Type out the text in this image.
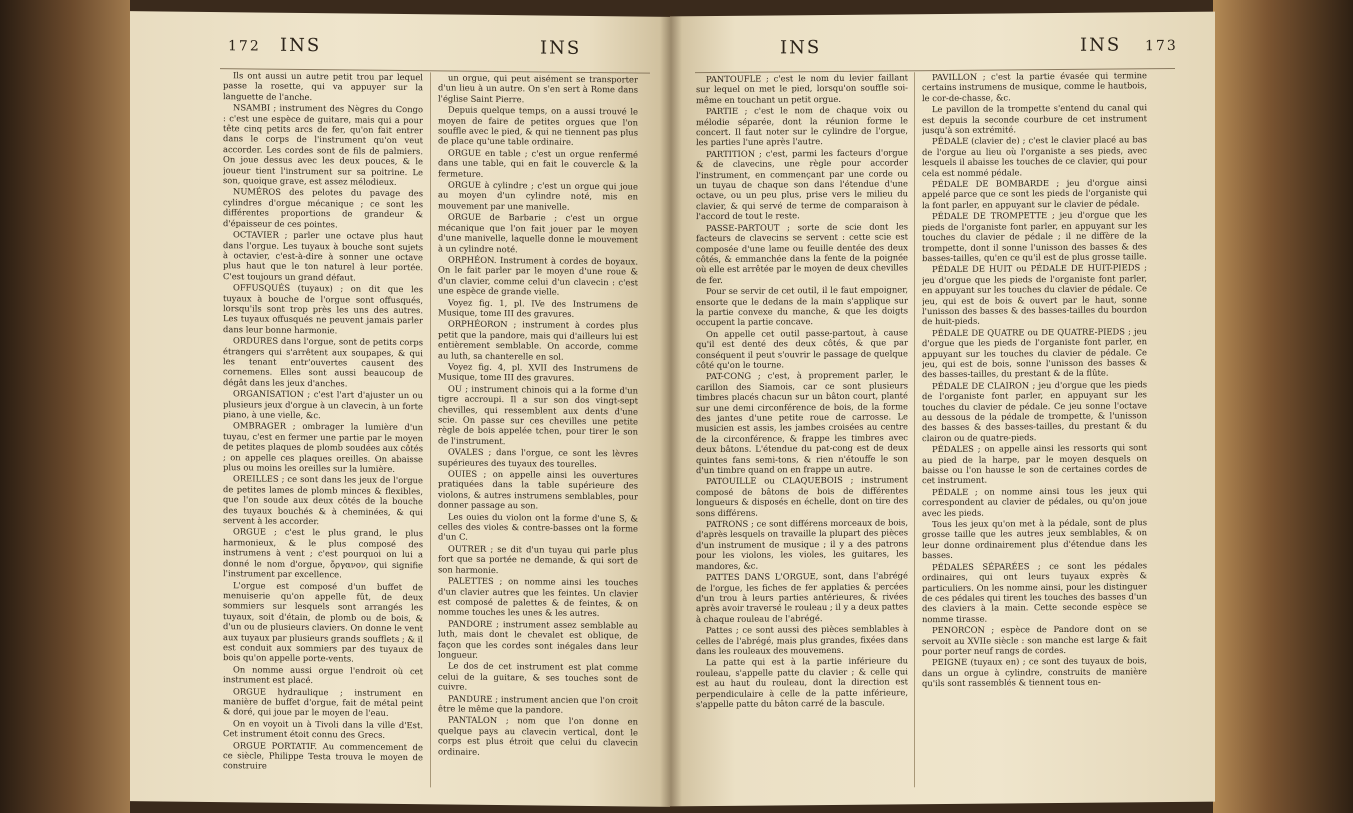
172 INS	INS

Ils ont aussi un autre petit trou par lequel passe la rosette, qui va appuyer sur la languette de l'anche.

NSAMBI ; instrument des Nègres du Congo : c'est une espèce de guitare, mais qui a pour tête cinq petits arcs de fer, qu'on fait entrer dans le corps de l'instrument qu'on veut accorder. Les cordes sont de fils de palmiers. On joue dessus avec les deux pouces, & le joueur tient l'instrument sur sa poitrine. Le son, quoique grave, est assez mélodieux.

NUMÉROS des pelotes du pavage des cylindres d'orgue mécanique ; ce sont les différentes proportions de grandeur & d'épaisseur de ces pointes.

OCTAVIER ; parler une octave plus haut dans l'orgue. Les tuyaux à bouche sont sujets à octavier, c'est-à-dire à sonner une octave plus haut que le ton naturel à leur portée. C'est toujours un grand défaut.

OFFUSQUÉS (tuyaux) ; on dit que les tuyaux à bouche de l'orgue sont offusqués, lorsqu'ils sont trop près les uns des autres. Les tuyaux offusqués ne peuvent jamais parler dans leur bonne harmonie.

ORDURES dans l'orgue, sont de petits corps étrangers qui s'arrêtent aux soupapes, & qui les tenant entr'ouvertes causent des cornemens. Elles sont aussi beaucoup de dégât dans les jeux d'anches.

ORGANISATION ; c'est l'art d'ajuster un ou plusieurs jeux d'orgue à un clavecin, à un forte piano, à une vielle, &c.

OMBRAGER ; ombrager la lumière d'un tuyau, c'est en fermer une partie par le moyen de petites plaques de plomb soudées aux côtés ; on appelle ces plaques oreilles. On abaisse plus ou moins les oreilles sur la lumière.

OREILLES ; ce sont dans les jeux de l'orgue de petites lames de plomb minces & flexibles, que l'on soude aux deux côtés de la bouche des tuyaux bouchés & à cheminées, & qui servent à les accorder.

ORGUE ; c'est le plus grand, le plus harmonieux, & le plus composé des instrumens à vent ; c'est pourquoi on lui a donné le nom d'orgue, ὄργανον, qui signifie l'instrument par excellence.

L'orgue est composé d'un buffet de menuiserie qu'on appelle fût, de deux sommiers sur lesquels sont arrangés les tuyaux, soit d'étain, de plomb ou de bois, & d'un ou de plusieurs claviers. On donne le vent aux tuyaux par plusieurs grands soufflets ; & il est conduit aux sommiers par des tuyaux de bois qu'on appelle porte-vents.

On nomme aussi orgue l'endroit où cet instrument est placé.

ORGUE hydraulique ; instrument en manière de buffet d'orgue, fait de métal peint & doré, qui joue par le moyen de l'eau.

On en voyoit un à Tivoli dans la ville d'Est. Cet instrument étoit connu des Grecs.

ORGUE PORTATIF. Au commencement de ce siècle, Philippe Testa trouva le moyen de construire

un orgue, qui peut aisément se transporter d'un lieu à un autre. On s'en sert à Rome dans l'église Saint Pierre.

Depuis quelque temps, on a aussi trouvé le moyen de faire de petites orgues que l'on souffle avec le pied, & qui ne tiennent pas plus de place qu'une table ordinaire.

ORGUE en table ; c'est un orgue renfermé dans une table, qui en fait le couvercle & la fermeture.

ORGUE à cylindre ; c'est un orgue qui joue au moyen d'un cylindre noté, mis en mouvement par une manivelle.

ORGUE de Barbarie ; c'est un orgue mécanique que l'on fait jouer par le moyen d'une manivelle, laquelle donne le mouvement à un cylindre noté.

ORPHÉON. Instrument à cordes de boyaux. On le fait parler par le moyen d'une roue & d'un clavier, comme celui d'un clavecin : c'est une espèce de grande vielle.

Voyez fig. 1, pl. IVe des Instrumens de Musique, tome III des gravures.

ORPHÉORON ; instrument à cordes plus petit que la pandore, mais qui d'ailleurs lui est entièrement semblable. On accorde, comme au luth, sa chanterelle en sol.

Voyez fig. 4, pl. XVII des Instrumens de Musique, tome III des gravures.

OU ; instrument chinois qui a la forme d'un tigre accroupi. Il a sur son dos vingt-sept chevilles, qui ressemblent aux dents d'une scie. On passe sur ces chevilles une petite règle de bois appelée tchen, pour tirer le son de l'instrument.

OVALES ; dans l'orgue, ce sont les lèvres supérieures des tuyaux des tourelles.

OUIES ; on appelle ainsi les ouvertures pratiquées dans la table supérieure des violons, & autres instrumens semblables, pour donner passage au son.

Les ouies du violon ont la forme d'une S, & celles des violes & contre-basses ont la forme d'un C.

OUTRER ; se dit d'un tuyau qui parle plus fort que sa portée ne demande, & qui sort de son harmonie.

PALETTES ; on nomme ainsi les touches d'un clavier autres que les feintes. Un clavier est composé de palettes & de feintes, & on nomme touches les unes & les autres.

PANDORE ; instrument assez semblable au luth, mais dont le chevalet est oblique, de façon que les cordes sont inégales dans leur longueur.

Le dos de cet instrument est plat comme celui de la guitare, & ses touches sont de cuivre.

PANDURE ; instrument ancien que l'on croit être le même que la pandore.

PANTALON ; nom que l'on donne en quelque pays au clavecin vertical, dont le corps est plus étroit que celui du clavecin ordinaire.

INS	INS 173

PANTOUFLE ; c'est le nom du levier faillant sur lequel on met le pied, lorsqu'on souffle soi-même en touchant un petit orgue.

PARTIE ; c'est le nom de chaque voix ou mélodie séparée, dont la réunion forme le concert. Il faut noter sur le cylindre de l'orgue, les parties l'une après l'autre.

PARTITION ; c'est, parmi les facteurs d'orgue & de clavecins, une règle pour accorder l'instrument, en commençant par une corde ou un tuyau de chaque son dans l'étendue d'une octave, ou un peu plus, prise vers le milieu du clavier, & qui servé de terme de comparaison à l'accord de tout le reste.

PASSE-PARTOUT ; sorte de scie dont les facteurs de clavecins se servent : cette scie est composée d'une lame ou feuille dentée des deux côtés, & emmanchée dans la fente de la poignée où elle est arrêtée par le moyen de deux chevilles de fer.

Pour se servir de cet outil, il le faut empoigner, ensorte que le dedans de la main s'applique sur la partie convexe du manche, & que les doigts occupent la partie concave.

On appelle cet outil passe-partout, à cause qu'il est denté des deux côtés, & que par conséquent il peut s'ouvrir le passage de quelque côté qu'on le tourne.

PAT-CONG ; c'est, à proprement parler, le carillon des Siamois, car ce sont plusieurs timbres placés chacun sur un bâton court, planté sur une demi circonférence de bois, de la forme des jantes d'une petite roue de carrosse. Le musicien est assis, les jambes croisées au centre de la circonférence, & frappe les timbres avec deux bâtons. L'étendue du pat-cong est de deux quintes fans semi-tons, & rien n'étouffe le son d'un timbre quand on en frappe un autre.

PATOUILLE ou CLAQUEBOIS ; instrument composé de bâtons de bois de différentes longueurs & disposés en échelle, dont on tire des sons différens.

PATRONS ; ce sont différens morceaux de bois, d'après lesquels on travaille la plupart des pièces d'un instrument de musique ; il y a des patrons pour les violons, les violes, les guitares, les mandores, &c.

PATTES DANS L'ORGUE, sont, dans l'abrégé de l'orgue, les fiches de fer applaties & percées d'un trou à leurs parties antérieures, & rivées après avoir traversé le rouleau ; il y a deux pattes à chaque rouleau de l'abrégé.

Pattes ; ce sont aussi des pièces semblables à celles de l'abrégé, mais plus grandes, fixées dans dans les rouleaux des mouvemens.

La patte qui est à la partie inférieure du rouleau, s'appelle patte du clavier ; & celle qui est au haut du rouleau, dont la direction est perpendiculaire à celle de la patte inférieure, s'appelle patte du bâton carré de la bascule.

PAVILLON ; c'est la partie évasée qui termine certains instrumens de musique, comme le hautbois, le cor-de-chasse, &c.

Le pavillon de la trompette s'entend du canal qui est depuis la seconde courbure de cet instrument jusqu'à son extrémité.

PÉDALE (clavier de) ; c'est le clavier placé au bas de l'orgue au lieu où l'organiste a ses pieds, avec lesquels il abaisse les touches de ce clavier, qui pour cela est nommé pédale.

PÉDALE DE BOMBARDE ; jeu d'orgue ainsi appelé parce que ce sont les pieds de l'organiste qui la font parler, en appuyant sur le clavier de pédale.

PÉDALE DE TROMPETTE ; jeu d'orgue que les pieds de l'organiste font parler, en appuyant sur les touches du clavier de pédale ; il ne diffère de la trompette, dont il sonne l'unisson des basses & des basses-tailles, qu'en ce qu'il est de plus grosse taille.

PÉDALE DE HUIT ou PÉDALE DE HUIT-PIEDS ; jeu d'orgue que les pieds de l'organiste font parler, en appuyant sur les touches du clavier de pédale. Ce jeu, qui est de bois & ouvert par le haut, sonne l'unisson des basses & des basses-tailles du bourdon de huit-pieds.

PÉDALE DE QUATRE ou DE QUATRE-PIEDS ; jeu d'orgue que les pieds de l'organiste font parler, en appuyant sur les touches du clavier de pédale. Ce jeu, qui est de bois, sonne l'unisson des basses & des basses-tailles, du prestant & de la flûte.

PÉDALE DE CLAIRON ; jeu d'orgue que les pieds de l'organiste font parler, en appuyant sur les touches du clavier de pédale. Ce jeu sonne l'octave au dessous de la pédale de trompette, & l'unisson des basses & des basses-tailles, du prestant & du clairon ou de quatre-pieds.

PÉDALES ; on appelle ainsi les ressorts qui sont au pied de la harpe, par le moyen desquels on baisse ou l'on hausse le son de certaines cordes de cet instrument.

PÉDALE ; on nomme ainsi tous les jeux qui correspondent au clavier de pédales, ou qu'on joue avec les pieds.

Tous les jeux qu'on met à la pédale, sont de plus grosse taille que les autres jeux semblables, & on leur donne ordinairement plus d'étendue dans les basses.

PÉDALES SÉPARÉES ; ce sont les pédales ordinaires, qui ont leurs tuyaux exprès & particuliers. On les nomme ainsi, pour les distinguer de ces pédales qui tirent les touches des basses d'un des claviers à la main. Cette seconde espèce se nomme tirasse.

PENORCON ; espèce de Pandore dont on se servoit au XVIIe siècle : son manche est large & fait pour porter neuf rangs de cordes.

PEIGNE (tuyaux en) ; ce sont des tuyaux de bois, dans un orgue à cylindre, construits de manière qu'ils sont rassemblés & tiennent tous en-
